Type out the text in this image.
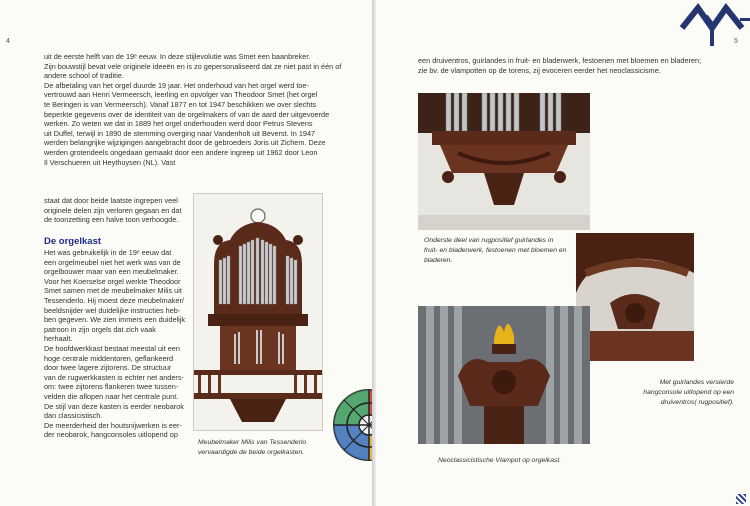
4

uit de eerste helft van de 19ᵉ eeuw. In deze stijlevolutie was Smet een baanbreker.

Zijn bouwstijl bevat vele originele ideeën en is zo gepersonaliseerd dat ze niet past in één of

andere school of traditie.

De afbetaling van het orgel duurde 19 jaar. Het onderhoud van het orgel werd toe-

vertrouwd aan Henri Vermeersch, leerling en opvolger van Theodoor Smet (het orgel

te Beringen is van Vermeersch). Vanaf 1877 en tot 1947 beschikken we over slechts

beperkte gegevens over de identiteit van de orgelmakers of van de aard der uitgevoerde

werken. Zo weten we dat in 1889 het orgel onderhouden werd door Petrus Stevens

uit Duffel, terwijl in 1890 de stemming overging naar Vandenholt uit Beverst. In 1947

werden belangrijke wijzigingen aangebracht door de gebroeders Joris uit Zichem. Deze

werden grotendeels ongedaan gemaakt door een andere ingreep uit 1962 door Leon

Il Verschueren uit Heythuysen (NL). Vast

staat dat door beide laatste ingrepen veel

originele delen zijn verloren gegaan en dat

de toonzetting een halve toon verhoogde.

De orgelkast

Het was gebruikelijk in de 19ᵉ eeuw dat

een orgelmeubel niet het werk was van de

orgelbouwer maar van een meubelmaker.

Voor het Koerselse orgel werkte Theodoor

Smet samen met de meubelmaker Milis uit

Tessenderlo. Hij moest deze meubelmaker/

beeldsnijder wel duidelijke instructies heb-

ben gegeven. We zien immers een duidelijk

patroon in zijn orgels dat zich vaak herhaalt.

De hoofdwerkkast bestaat meestal uit een

hoge centrale middentoren, geflankeerd

door twee lagere zijtorens. De structuur

van de rugwerkkasten is echter net anders-

om: twee zijtorens flankeren twee tussen-

velden die aflopen naar het centrale punt.

De stijl van deze kasten is eerder neobarok

dan classicistisch.

De meerderheid der houtsnijwerken is eer-

der neobarok, hangconsoles uitlopend op

Meubelmaker Milis van Tessenderlo
vervaardigde de beide orgelkasten.
5

een druiventros, guirlandes in fruit- en bladerwerk, festoenen met bloemen en bladeren;

zie bv. de vlampotten op de torens, zij evoceren eerder het neoclassicisme.

Onderste deel van rugpositief guirlandes in
fruit- en bladerwerk, festoenen met bloemen en
bladeren.
Neoclassicistische Vlampot op orgelkast.
Met guirlandes versierde
hangconsole uitlopend op een
druiventros( rugpositief).
